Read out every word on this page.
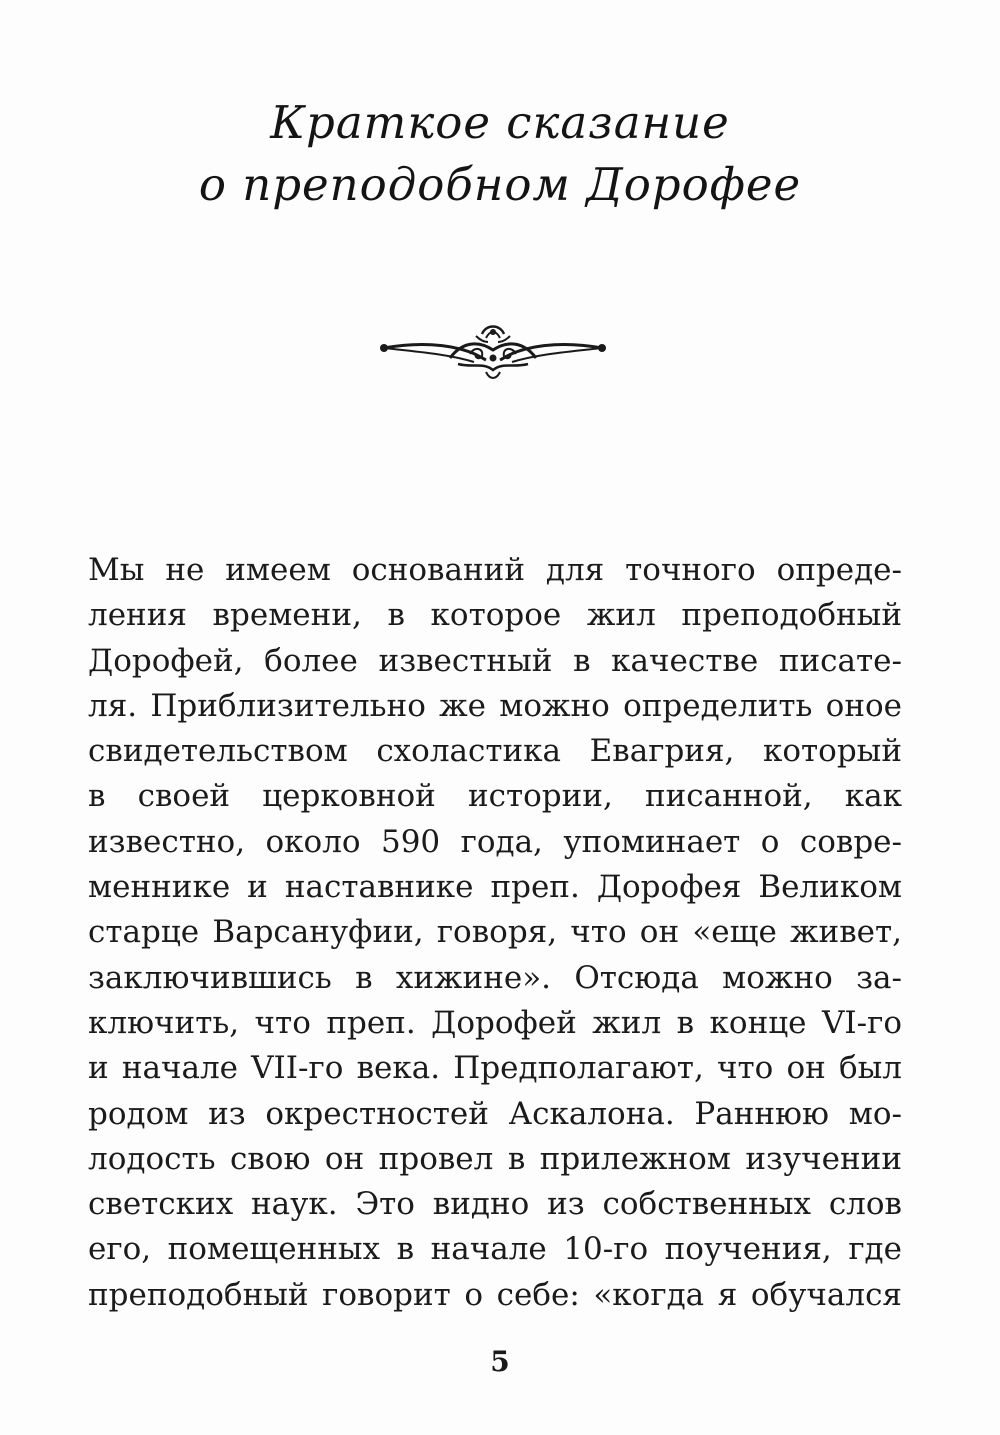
Краткое сказание
о преподобном Дорофее
Мы не имеем оснований для точного опреде-
ления времени, в которое жил преподобный
Дорофей, более известный в качестве писате-
ля. Приблизительно же можно определить оное
свидетельством схоластика Евагрия, который
в своей церковной истории, писанной, как
известно, около 590 года, упоминает о совре-
меннике и наставнике преп. Дорофея Великом
старце Варсануфии, говоря, что он «еще живет,
заключившись в хижине». Отсюда можно за-
ключить, что преп. Дорофей жил в конце VI-го
и начале VII-го века. Предполагают, что он был
родом из окрестностей Аскалона. Раннюю мо-
лодость свою он провел в прилежном изучении
светских наук. Это видно из собственных слов
его, помещенных в начале 10-го поучения, где
преподобный говорит о себе: «когда я обучался
5
